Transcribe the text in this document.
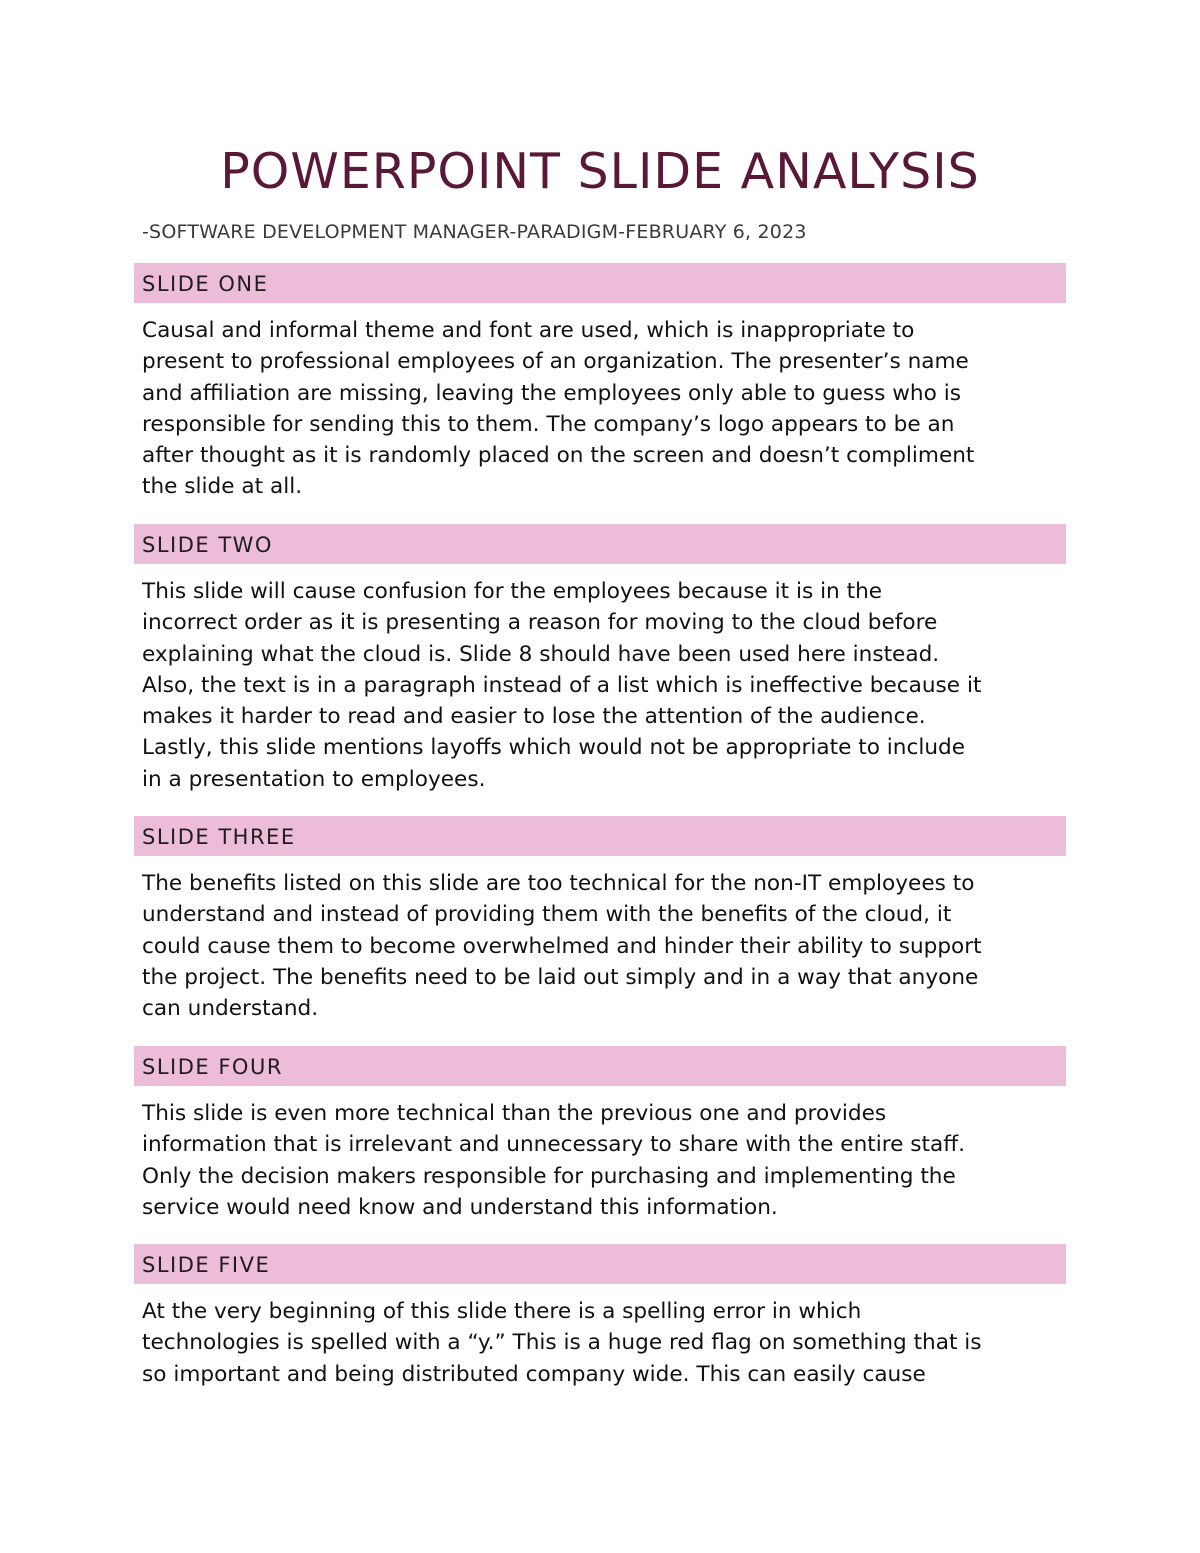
POWERPOINT SLIDE ANALYSIS
-SOFTWARE DEVELOPMENT MANAGER-PARADIGM-FEBRUARY 6, 2023
SLIDE ONE
Causal and informal theme and font are used, which is inappropriate to
present to professional employees of an organization. The presenter’s name
and affiliation are missing, leaving the employees only able to guess who is
responsible for sending this to them. The company’s logo appears to be an
after thought as it is randomly placed on the screen and doesn’t compliment
the slide at all.
SLIDE TWO
This slide will cause confusion for the employees because it is in the
incorrect order as it is presenting a reason for moving to the cloud before
explaining what the cloud is. Slide 8 should have been used here instead.
Also, the text is in a paragraph instead of a list which is ineffective because it
makes it harder to read and easier to lose the attention of the audience.
Lastly, this slide mentions layoffs which would not be appropriate to include
in a presentation to employees.
SLIDE THREE
The benefits listed on this slide are too technical for the non-IT employees to
understand and instead of providing them with the benefits of the cloud, it
could cause them to become overwhelmed and hinder their ability to support
the project. The benefits need to be laid out simply and in a way that anyone
can understand.
SLIDE FOUR
This slide is even more technical than the previous one and provides
information that is irrelevant and unnecessary to share with the entire staff.
Only the decision makers responsible for purchasing and implementing the
service would need know and understand this information.
SLIDE FIVE
At the very beginning of this slide there is a spelling error in which
technologies is spelled with a “y.” This is a huge red flag on something that is
so important and being distributed company wide. This can easily cause
